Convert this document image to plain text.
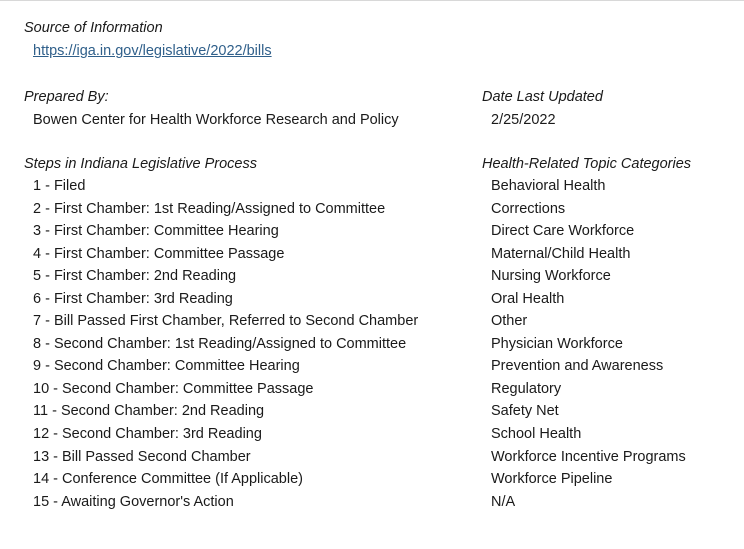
Source of Information
https://iga.in.gov/legislative/2022/bills
Prepared By:
Bowen Center for Health Workforce Research and Policy
Date Last Updated
2/25/2022
Steps in Indiana Legislative Process	Health-Related Topic Categories
1 - Filed
2 - First Chamber: 1st Reading/Assigned to Committee
3 - First Chamber: Committee Hearing
4 - First Chamber: Committee Passage
5 - First Chamber: 2nd Reading
6 - First Chamber: 3rd Reading
7 - Bill Passed First Chamber, Referred to Second Chamber
8 - Second Chamber: 1st Reading/Assigned to Committee
9 - Second Chamber: Committee Hearing
10 - Second Chamber: Committee Passage
11 - Second Chamber: 2nd Reading
12 - Second Chamber: 3rd Reading
13 - Bill Passed Second Chamber
14 - Conference Committee (If Applicable)
15 - Awaiting Governor's Action
Behavioral Health
Corrections
Direct Care Workforce
Maternal/Child Health
Nursing Workforce
Oral Health
Other
Physician Workforce
Prevention and Awareness
Regulatory
Safety Net
School Health
Workforce Incentive Programs
Workforce Pipeline
N/A
